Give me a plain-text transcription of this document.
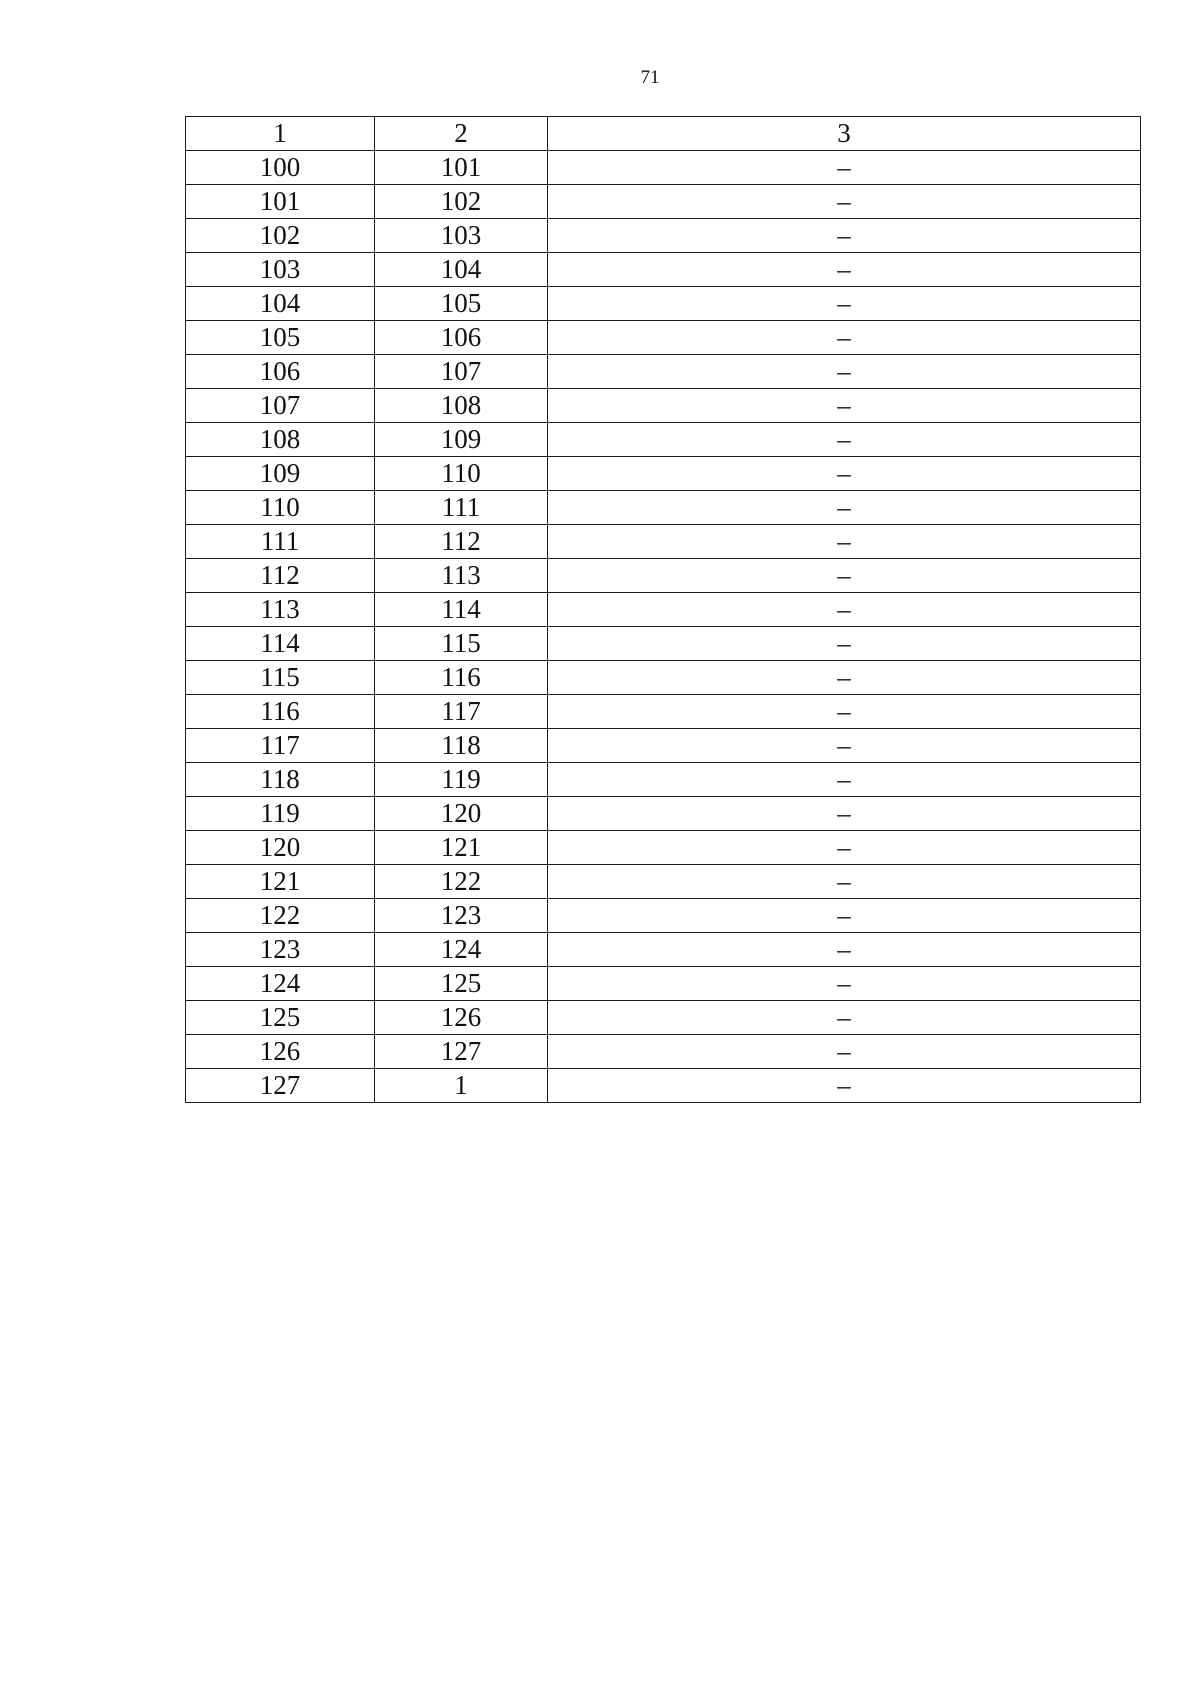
71
1	2	3
100	101	–
101	102	–
102	103	–
103	104	–
104	105	–
105	106	–
106	107	–
107	108	–
108	109	–
109	110	–
110	111	–
111	112	–
112	113	–
113	114	–
114	115	–
115	116	–
116	117	–
117	118	–
118	119	–
119	120	–
120	121	–
121	122	–
122	123	–
123	124	–
124	125	–
125	126	–
126	127	–
127	1	–
